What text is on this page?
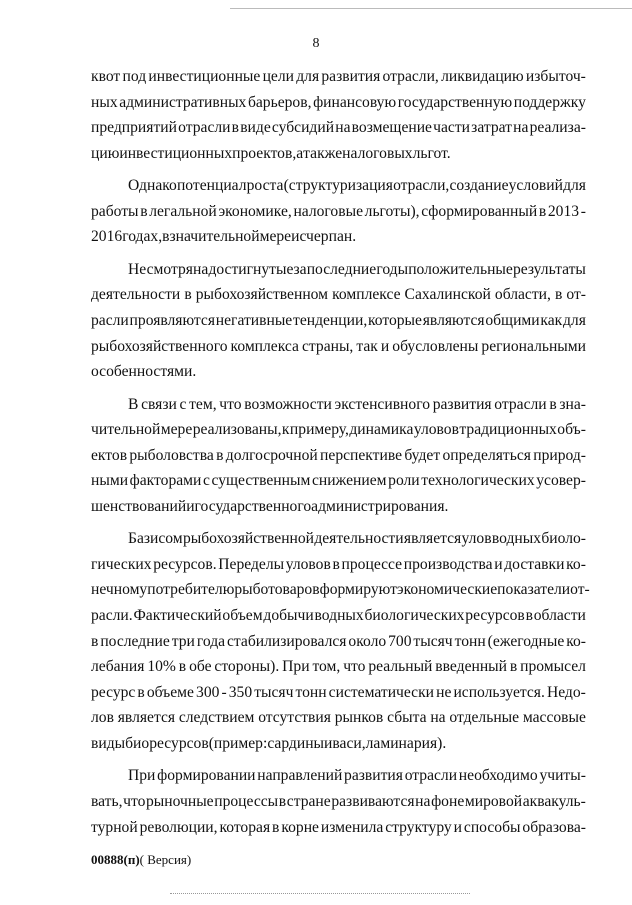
8
квот под инвестиционные цели для развития отрасли, ликвидацию избыточ-
ных административных барьеров, финансовую государственную поддержку
предприятий отрасли в виде субсидий на возмещение части затрат на реализа-
цию инвестиционных проектов, а также налоговых льгот.
Однако потенциал роста (структуризация отрасли, создание условий для
работы в легальной экономике, налоговые льготы), сформированный в 2013 -
2016 годах, в значительной мере исчерпан.
Несмотря на достигнутые за последние годы положительные результаты
деятельности в рыбохозяйственном комплексе Сахалинской области, в от-
расли проявляются негативные тенденции, которые являются общими как для
рыбохозяйственного комплекса страны, так и обусловлены региональными
особенностями.
В связи с тем, что возможности экстенсивного развития отрасли в зна-
чительной мере реализованы, к примеру, динамика уловов традиционных объ-
ектов рыболовства в долгосрочной перспективе будет определяться природ-
ными факторами с существенным снижением роли технологических усовер-
шенствований и государственного администрирования.
Базисом рыбохозяйственной деятельности является улов водных биоло-
гических ресурсов. Переделы уловов в процессе производства и доставки ко-
нечному потребителю рыботоваров формируют экономические показатели от-
расли. Фактический объем добычи водных биологических ресурсов в области
в последние три года стабилизировался около 700 тысяч тонн (ежегодные ко-
лебания 10% в обе стороны). При том, что реальный введенный в промысел
ресурс в объеме 300 - 350 тысяч тонн систематически не используется. Недо-
лов является следствием отсутствия рынков сбыта на отдельные массовые
виды биоресурсов (пример: сардины иваси, ламинария).
При формировании направлений развития отрасли необходимо учиты-
вать, что рыночные процессы в стране развиваются на фоне мировой аквакуль-
турной революции, которая в корне изменила структуру и способы образова-
00888(п)( Версия)
